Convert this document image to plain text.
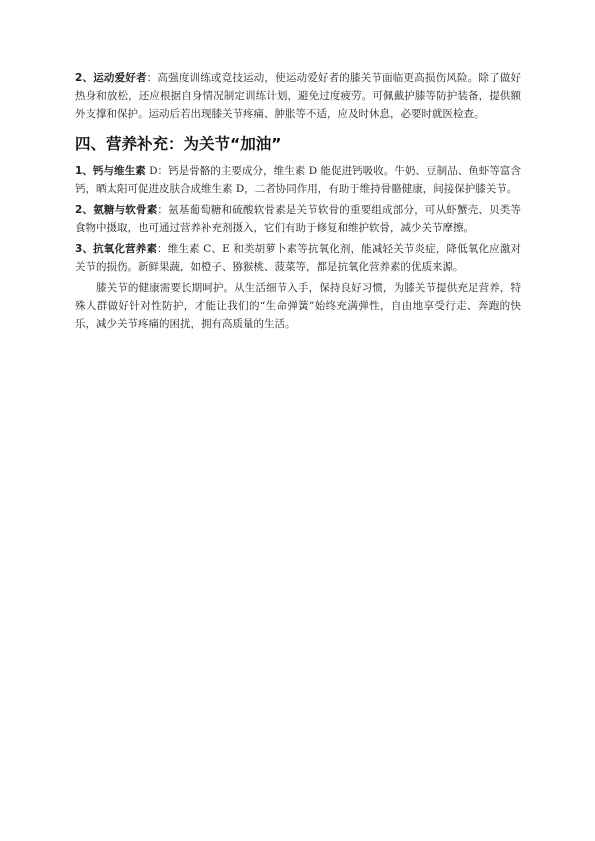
2、运动爱好者：高强度训练或竞技运动，使运动爱好者的膝关节面临更高损伤风险。除了做好热身和放松，还应根据自身情况制定训练计划，避免过度疲劳。可佩戴护膝等防护装备，提供额外支撑和保护。运动后若出现膝关节疼痛、肿胀等不适，应及时休息，必要时就医检查。

四、营养补充：为关节“加油”

1、钙与维生素 D：钙是骨骼的主要成分，维生素 D 能促进钙吸收。牛奶、豆制品、鱼虾等富含钙，晒太阳可促进皮肤合成维生素 D，二者协同作用，有助于维持骨骼健康，间接保护膝关节。

2、氨糖与软骨素：氨基葡萄糖和硫酸软骨素是关节软骨的重要组成部分，可从虾蟹壳、贝类等食物中摄取，也可通过营养补充剂摄入，它们有助于修复和维护软骨，减少关节摩擦。

3、抗氧化营养素：维生素 C、E 和类胡萝卜素等抗氧化剂，能减轻关节炎症，降低氧化应激对关节的损伤。新鲜果蔬，如橙子、猕猴桃、菠菜等，都是抗氧化营养素的优质来源。

膝关节的健康需要长期呵护。从生活细节入手，保持良好习惯，为膝关节提供充足营养，特殊人群做好针对性防护，才能让我们的“生命弹簧”始终充满弹性，自由地享受行走、奔跑的快乐，减少关节疼痛的困扰，拥有高质量的生活。
